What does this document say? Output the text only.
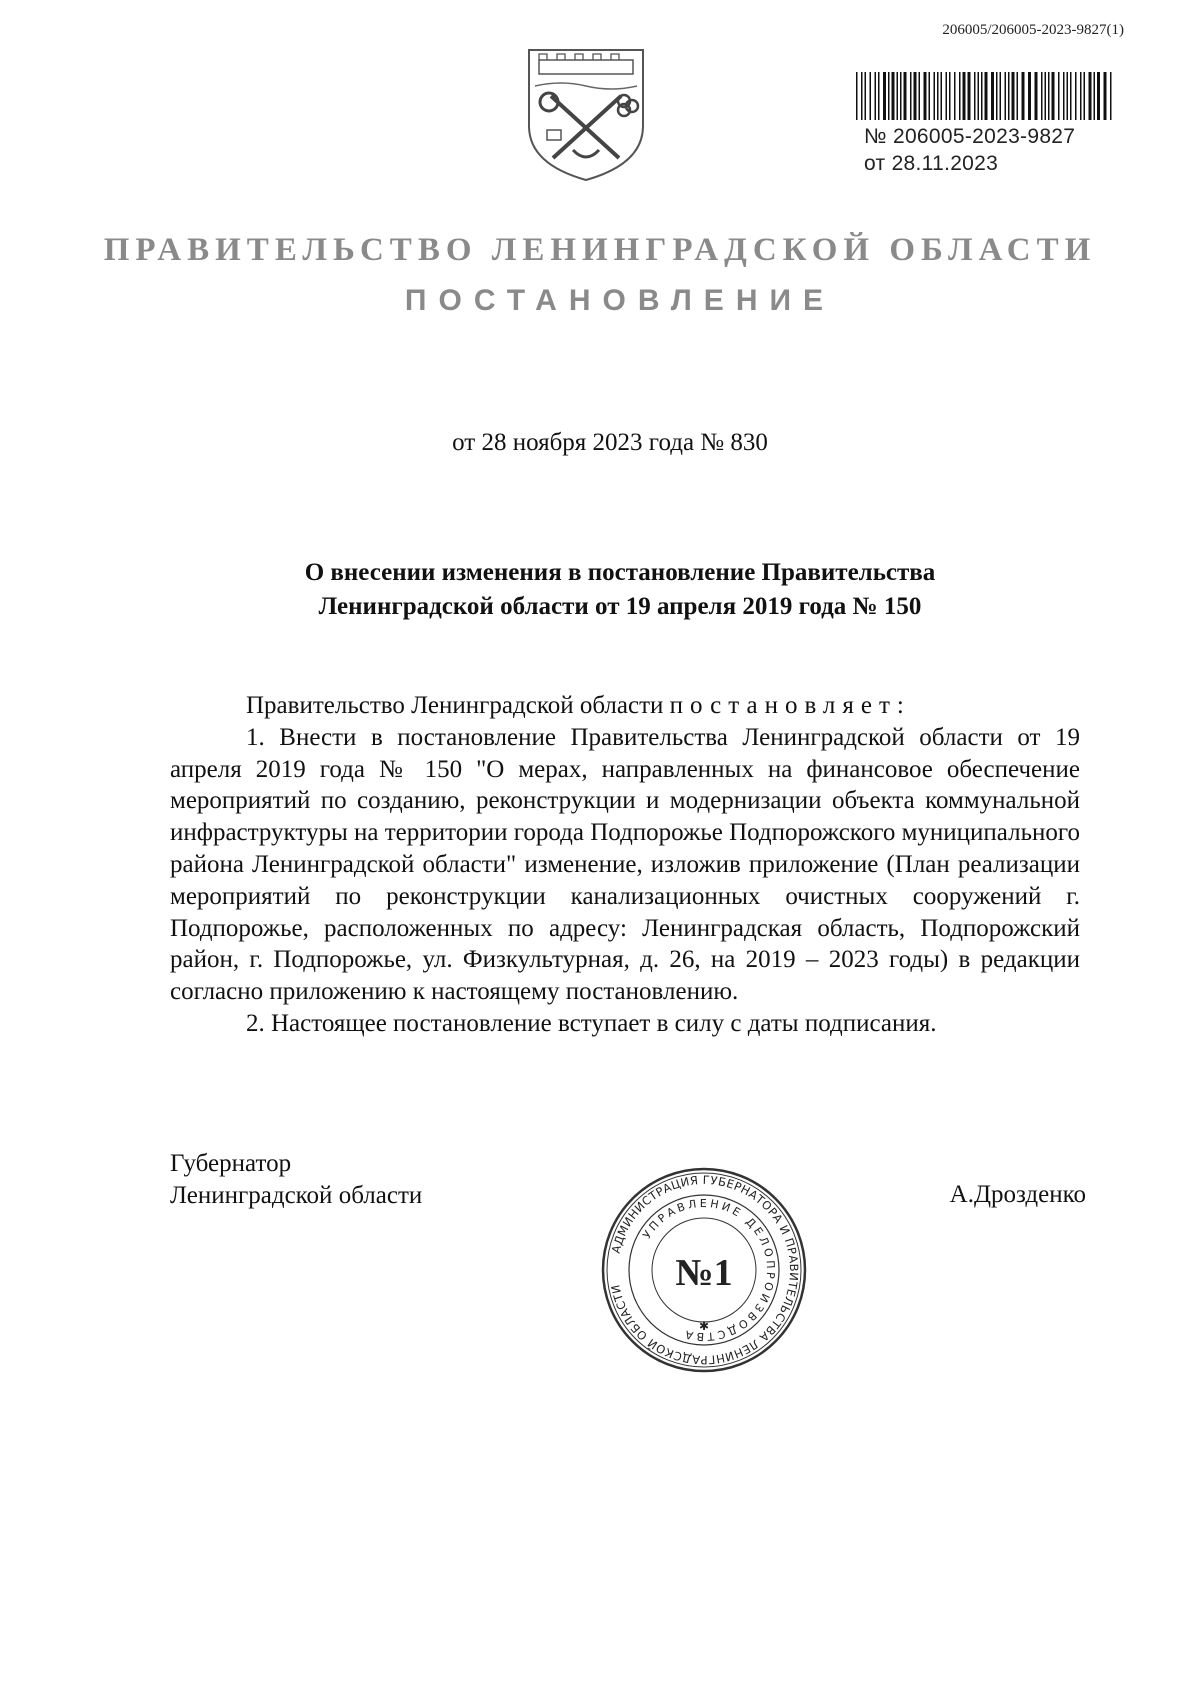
206005/206005-2023-9827(1)
№ 206005-2023-9827
от 28.11.2023
ПРАВИТЕЛЬСТВО ЛЕНИНГРАДСКОЙ ОБЛАСТИ
ПОСТАНОВЛЕНИЕ
от 28 ноября 2023 года № 830
О внесении изменения в постановление Правительства
Ленинградской области от 19 апреля 2019 года № 150

Правительство Ленинградской области постановляет:

1. Внести в постановление Правительства Ленинградской области от 19 апреля 2019 года № 150 "О мерах, направленных на финансовое обеспечение мероприятий по созданию, реконструкции и модернизации объекта коммунальной инфраструктуры на территории города Подпорожье Подпорожского муниципального района Ленинградской области" изменение, изложив приложение (План реализации мероприятий по реконструкции канализационных очистных сооружений г. Подпорожье, расположенных по адресу: Ленинградская область, Подпорожский район, г. Подпорожье, ул. Физкультурная, д. 26, на 2019 – 2023 годы) в редакции согласно приложению к настоящему постановлению.

2. Настоящее постановление вступает в силу с даты подписания.

Губернатор
Ленинградской области	А.Дрозденко
АДМИНИСТРАЦИЯ ГУБЕРНАТОРА И ПРАВИТЕЛЬСТВА ЛЕНИНГРАДСКОЙ ОБЛАСТИ
УПРАВЛЕНИЕ ДЕЛОПРОИЗВОДСТВА
№1
✱
